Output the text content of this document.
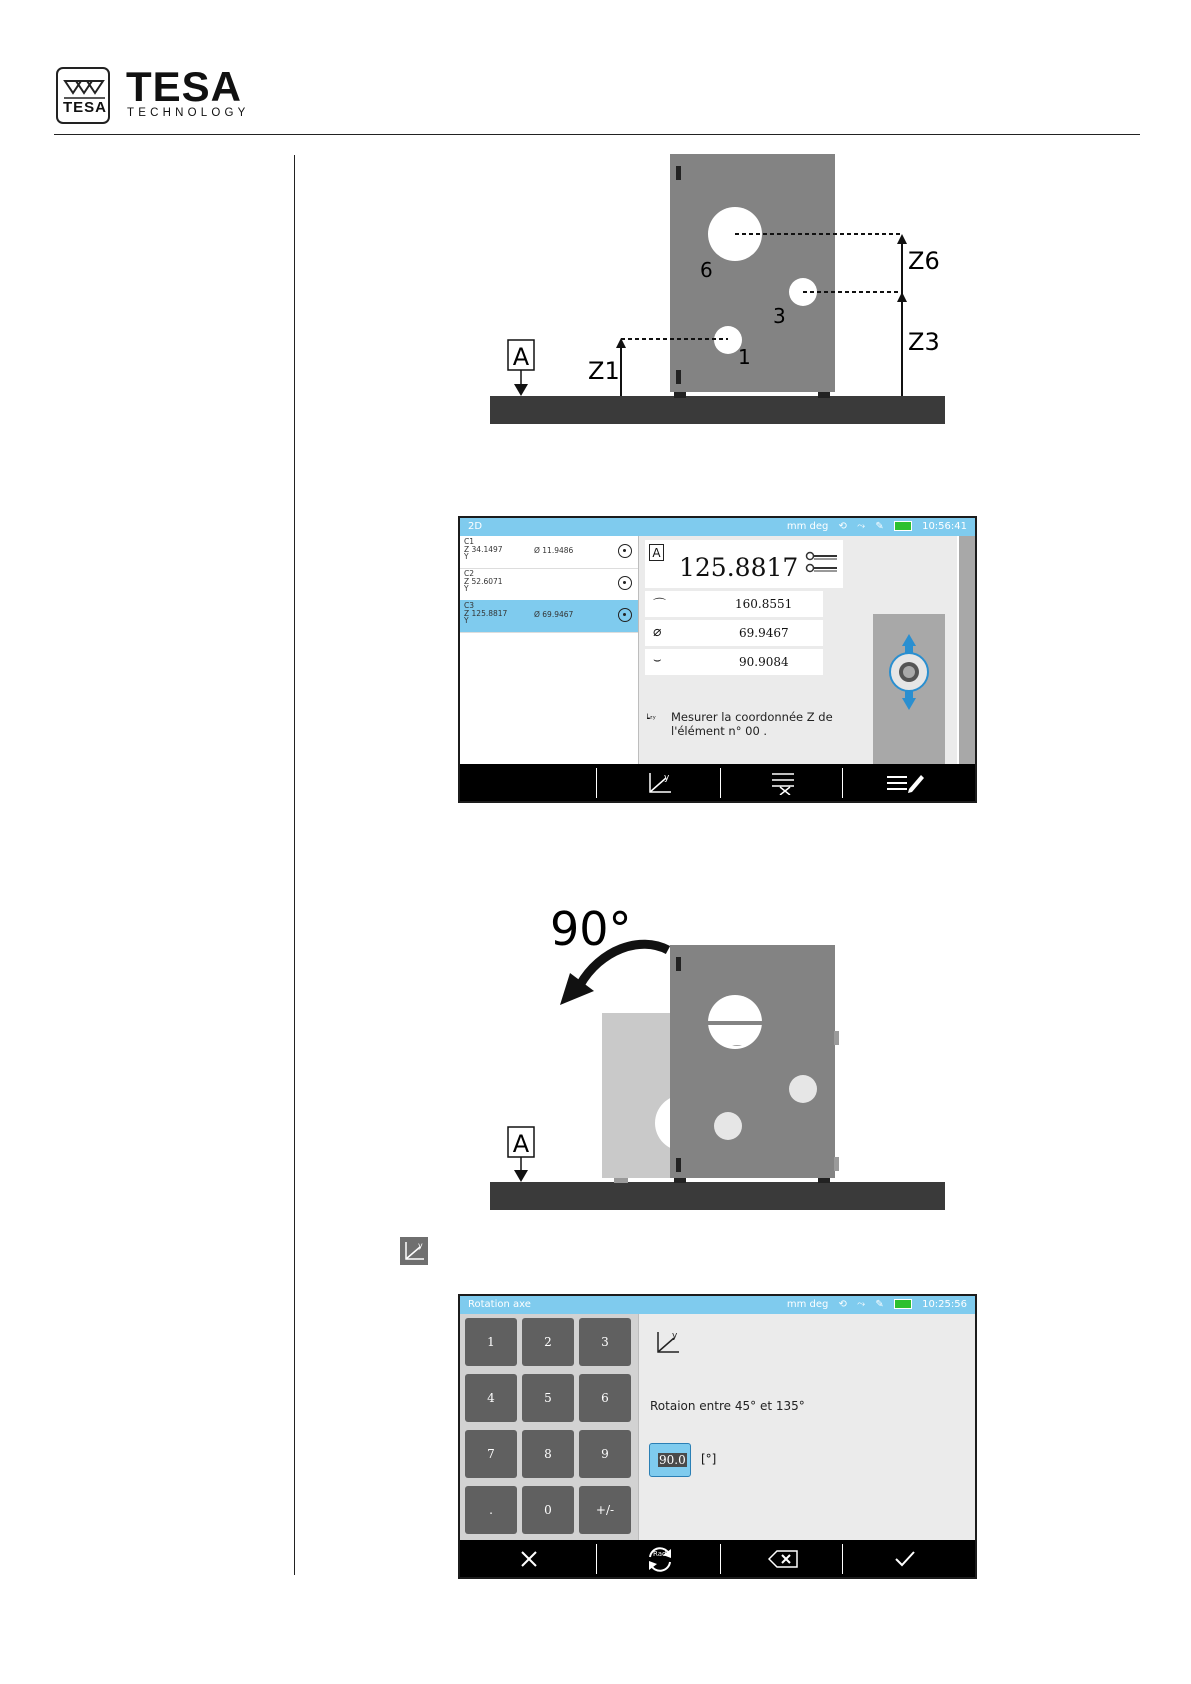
TESA TESA
TECHNOLOGY
A Z1
Z3
Z6
6
3
1
2D	mm deg ⟲ ⤳ ✎	10:56:41
C1
Z 34.1497
Y
Ø 11.9486
C2
Z 52.6071
Y
C3
Z 125.8817
Y
Ø 69.9467
A 125.8817
⌒	160.8551
⌀	69.9467
⌣	90.9084
┕ᶻʸ Mesurer la coordonnée Z de
l'élément n° 00 .
y
90°
A
y
Rotation axe	mm deg ⟲ ⤳ ✎	10:25:56
1	2	3
4	5	6
7	8	9
.	0	+/-
y
Rotaion entre 45° et 135°
90.0 [°]
Rad
